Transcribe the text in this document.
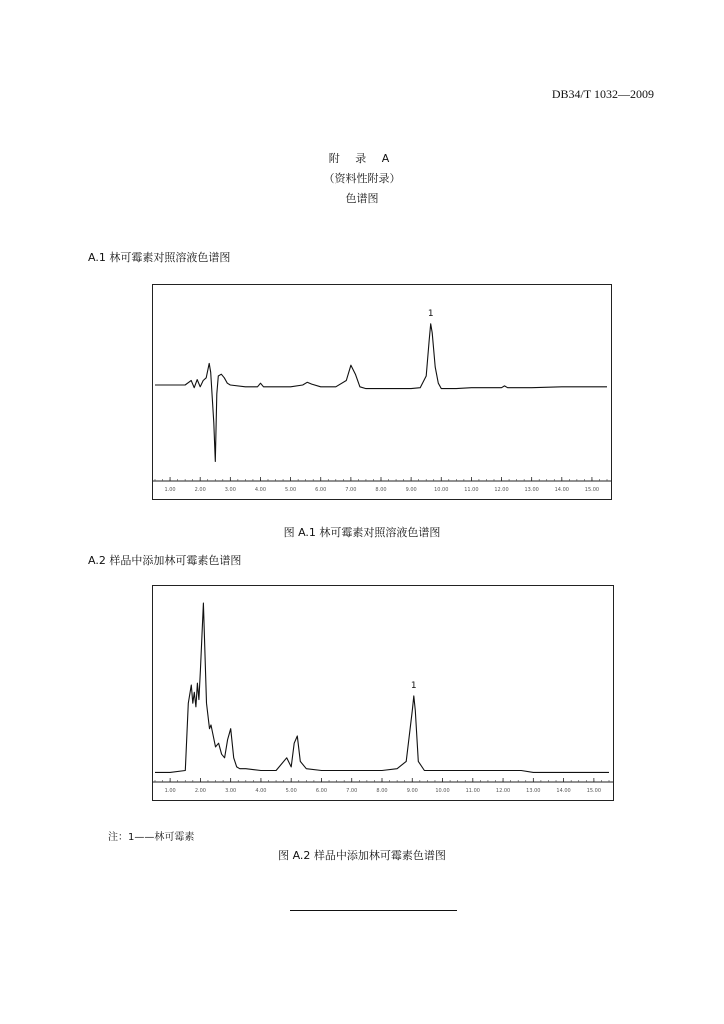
DB34/T 1032—2009
附 录 A
（资料性附录）
色谱图
A.1 林可霉素对照溶液色谱图
1.00	2.00	3.00	4.00	5.00	6.00	7.00	8.00	9.00	10.00	11.00	12.00	13.00	14.00	15.00
1
图 A.1 林可霉素对照溶液色谱图
A.2 样品中添加林可霉素色谱图
1.00	2.00	3.00	4.00	5.00	6.00	7.00	8.00	9.00	10.00	11.00	12.00	13.00	14.00	15.00
1
注：1——林可霉素
图 A.2 样品中添加林可霉素色谱图
